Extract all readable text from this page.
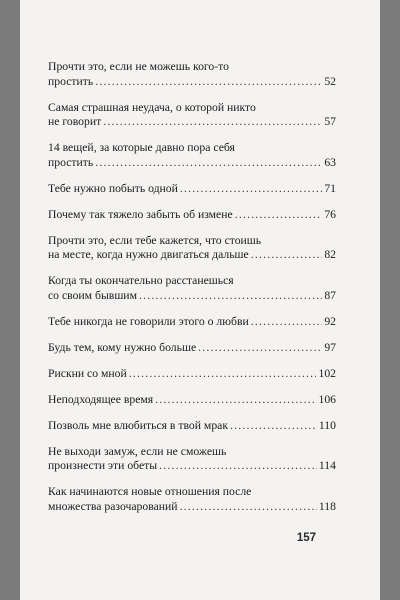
Прочти это, если не можешь кого-то
простить .....	52
Самая страшная неудача, о которой никто
не говорит .....	57
14 вещей, за которые давно пора себя
простить .....	63
Тебе нужно побыть одной .....	71
Почему так тяжело забыть об измене .....	76
Прочти это, если тебе кажется, что стоишь
на месте, когда нужно двигаться дальше .....	82
Когда ты окончательно расстанешься
со своим бывшим .....	87
Тебе никогда не говорили этого о любви .....	92
Будь тем, кому нужно больше .....	97
Рискни со мной .....	102
Неподходящее время .....	106
Позволь мне влюбиться в твой мрак .....	110
Не выходи замуж, если не сможешь
произнести эти обеты .....	114
Как начинаются новые отношения после
множества разочарований .....	118
157
